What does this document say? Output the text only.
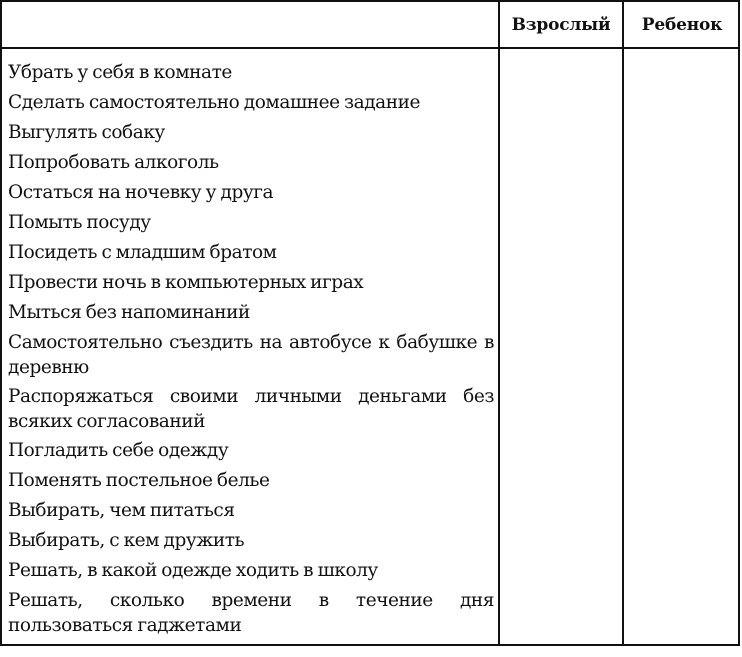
Взрослый	Ребенок
Убрать у себя в комнате
Сделать самостоятельно домашнее задание
Выгулять собаку
Попробовать алкоголь
Остаться на ночевку у друга
Помыть посуду
Посидеть с младшим братом
Провести ночь в компьютерных играх
Мыться без напоминаний
Самостоятельно съездить на автобусе к бабушке в деревню
Распоряжаться своими личными деньгами без всяких согласований
Погладить себе одежду
Поменять постельное белье
Выбирать, чем питаться
Выбирать, с кем дружить
Решать, в какой одежде ходить в школу
Решать, сколько времени в течение дня пользоваться гаджетами
